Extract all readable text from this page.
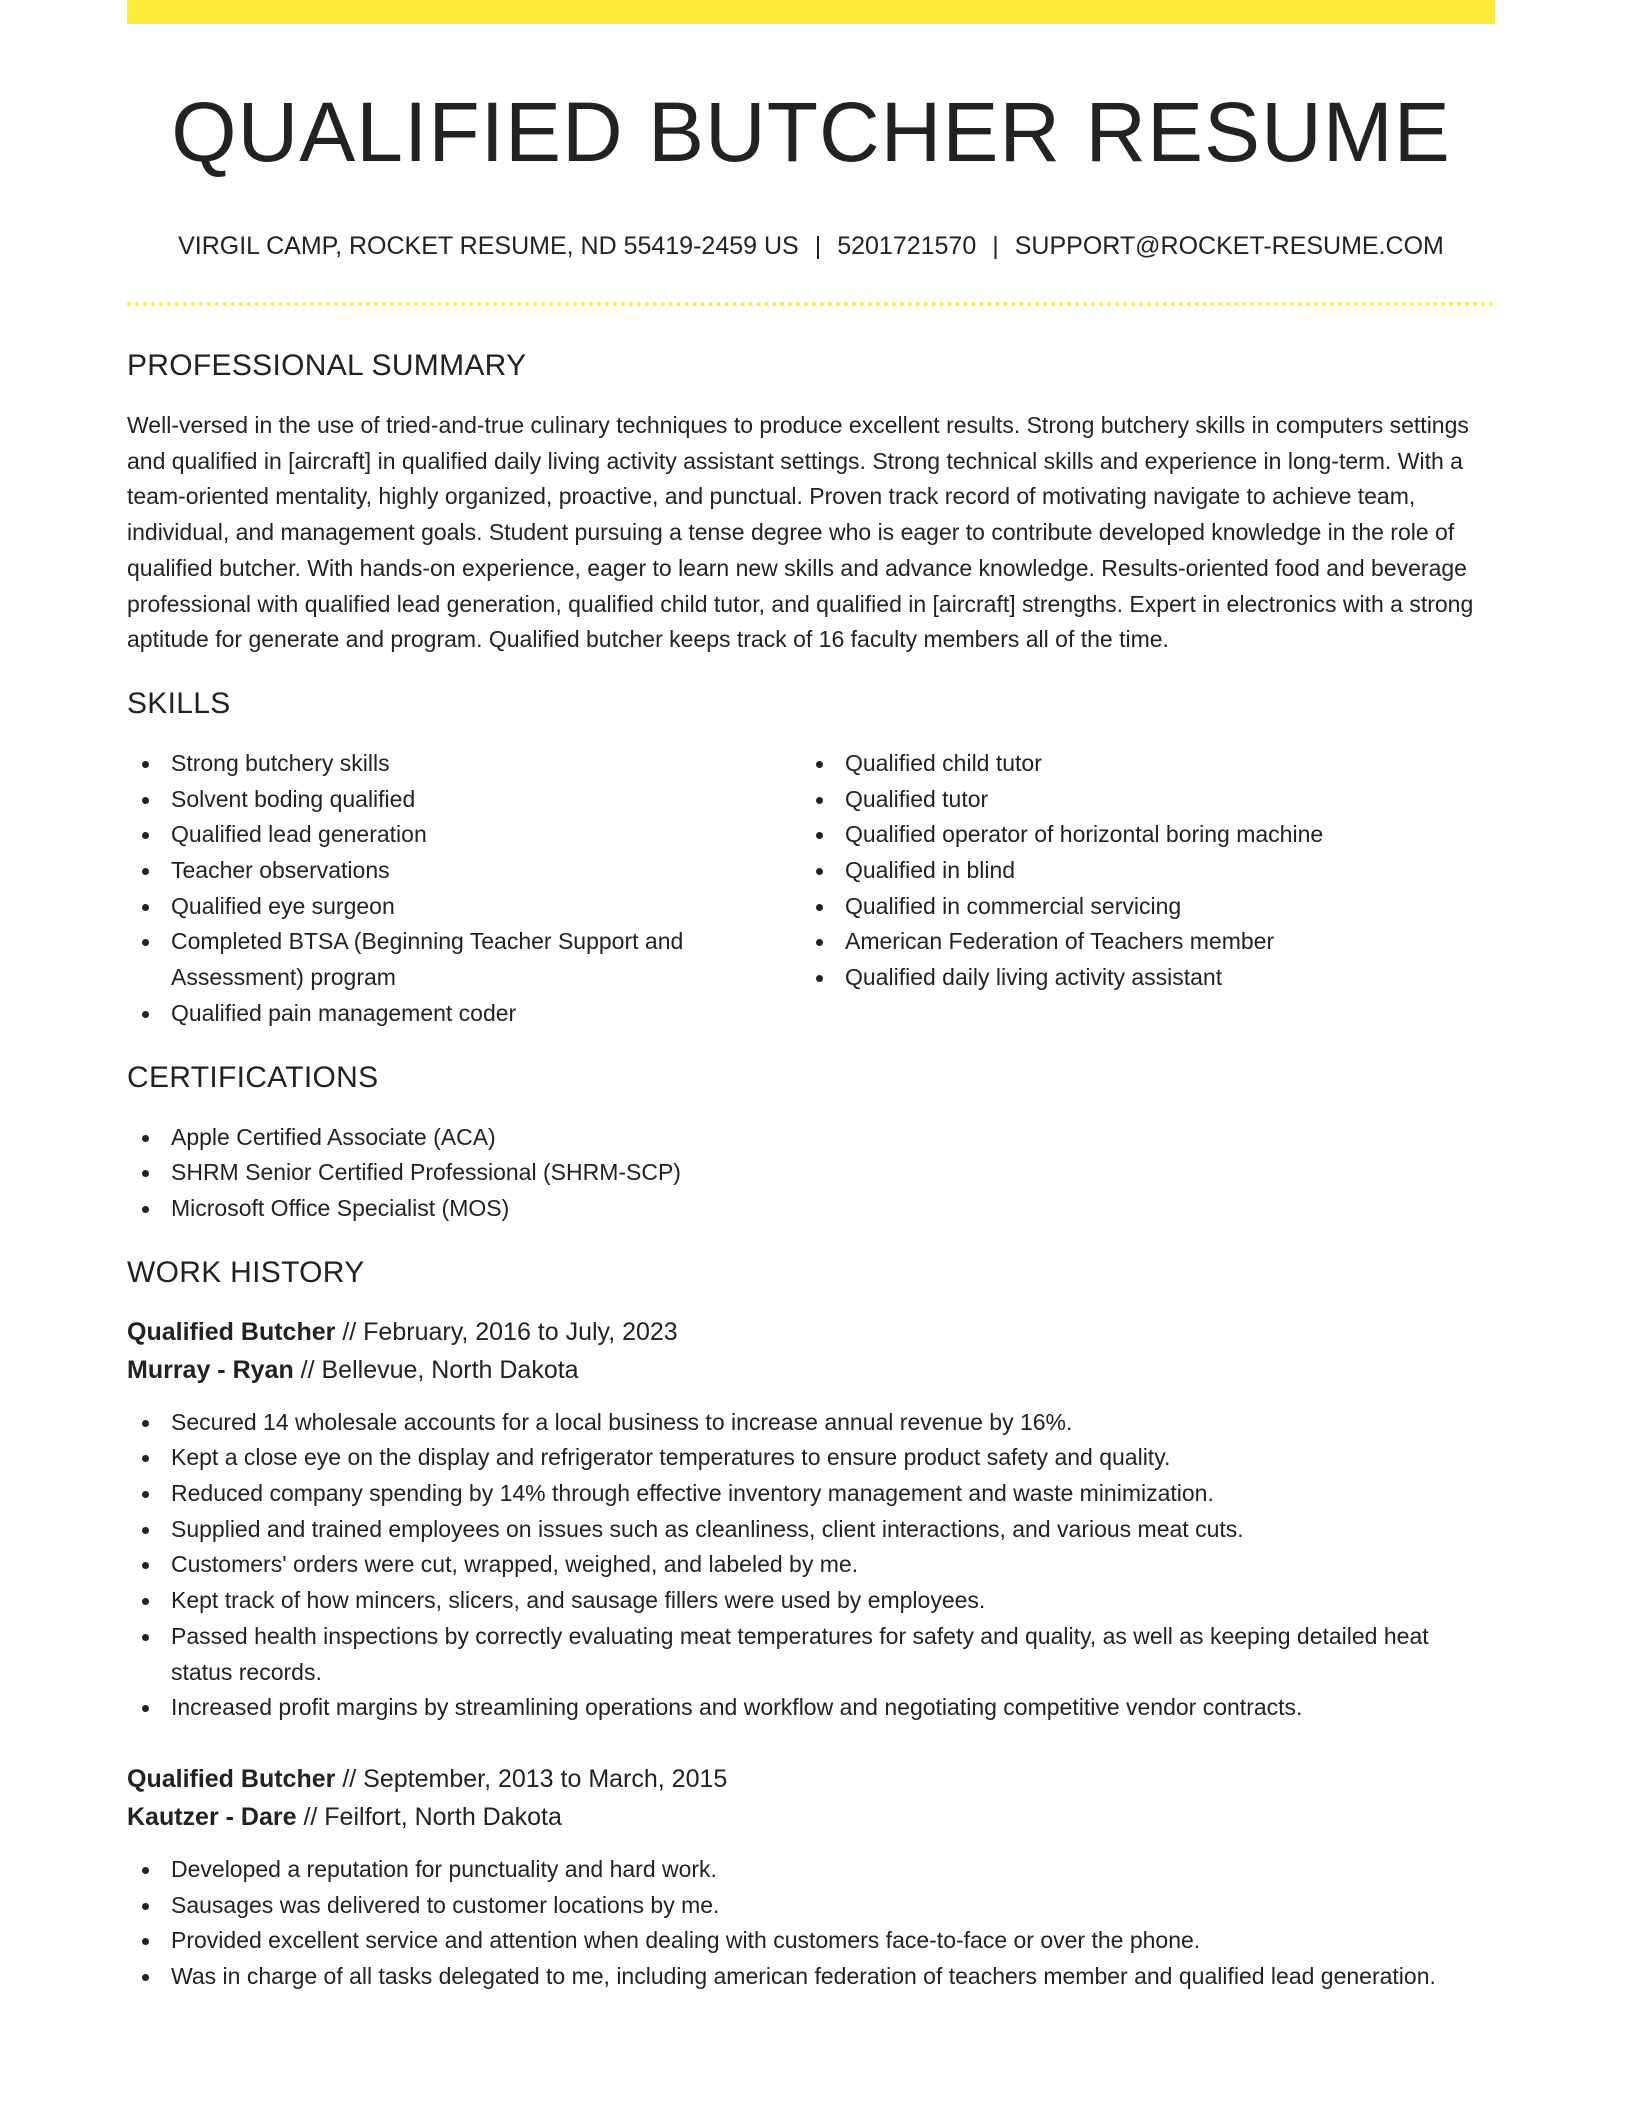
QUALIFIED BUTCHER RESUME
VIRGIL CAMP, ROCKET RESUME, ND 55419-2459 US | 5201721570 | SUPPORT@ROCKET-RESUME.COM
PROFESSIONAL SUMMARY

Well-versed in the use of tried-and-true culinary techniques to produce excellent results. Strong butchery skills in computers settings and qualified in [aircraft] in qualified daily living activity assistant settings. Strong technical skills and experience in long-term. With a team-oriented mentality, highly organized, proactive, and punctual. Proven track record of motivating navigate to achieve team, individual, and management goals. Student pursuing a tense degree who is eager to contribute developed knowledge in the role of qualified butcher. With hands-on experience, eager to learn new skills and advance knowledge. Results-oriented food and beverage professional with qualified lead generation, qualified child tutor, and qualified in [aircraft] strengths. Expert in electronics with a strong aptitude for generate and program. Qualified butcher keeps track of 16 faculty members all of the time.

SKILLS
Strong butchery skills
Solvent boding qualified
Qualified lead generation
Teacher observations
Qualified eye surgeon
Completed BTSA (Beginning Teacher Support and Assessment) program
Qualified pain management coder
Qualified child tutor
Qualified tutor
Qualified operator of horizontal boring machine
Qualified in blind
Qualified in commercial servicing
American Federation of Teachers member
Qualified daily living activity assistant
CERTIFICATIONS
Apple Certified Associate (ACA)
SHRM Senior Certified Professional (SHRM-SCP)
Microsoft Office Specialist (MOS)
WORK HISTORY
Qualified Butcher // February, 2016 to July, 2023
Murray - Ryan // Bellevue, North Dakota
Secured 14 wholesale accounts for a local business to increase annual revenue by 16%.
Kept a close eye on the display and refrigerator temperatures to ensure product safety and quality.
Reduced company spending by 14% through effective inventory management and waste minimization.
Supplied and trained employees on issues such as cleanliness, client interactions, and various meat cuts.
Customers' orders were cut, wrapped, weighed, and labeled by me.
Kept track of how mincers, slicers, and sausage fillers were used by employees.
Passed health inspections by correctly evaluating meat temperatures for safety and quality, as well as keeping detailed heat status records.
Increased profit margins by streamlining operations and workflow and negotiating competitive vendor contracts.
Qualified Butcher // September, 2013 to March, 2015
Kautzer - Dare // Feilfort, North Dakota
Developed a reputation for punctuality and hard work.
Sausages was delivered to customer locations by me.
Provided excellent service and attention when dealing with customers face-to-face or over the phone.
Was in charge of all tasks delegated to me, including american federation of teachers member and qualified lead generation.
